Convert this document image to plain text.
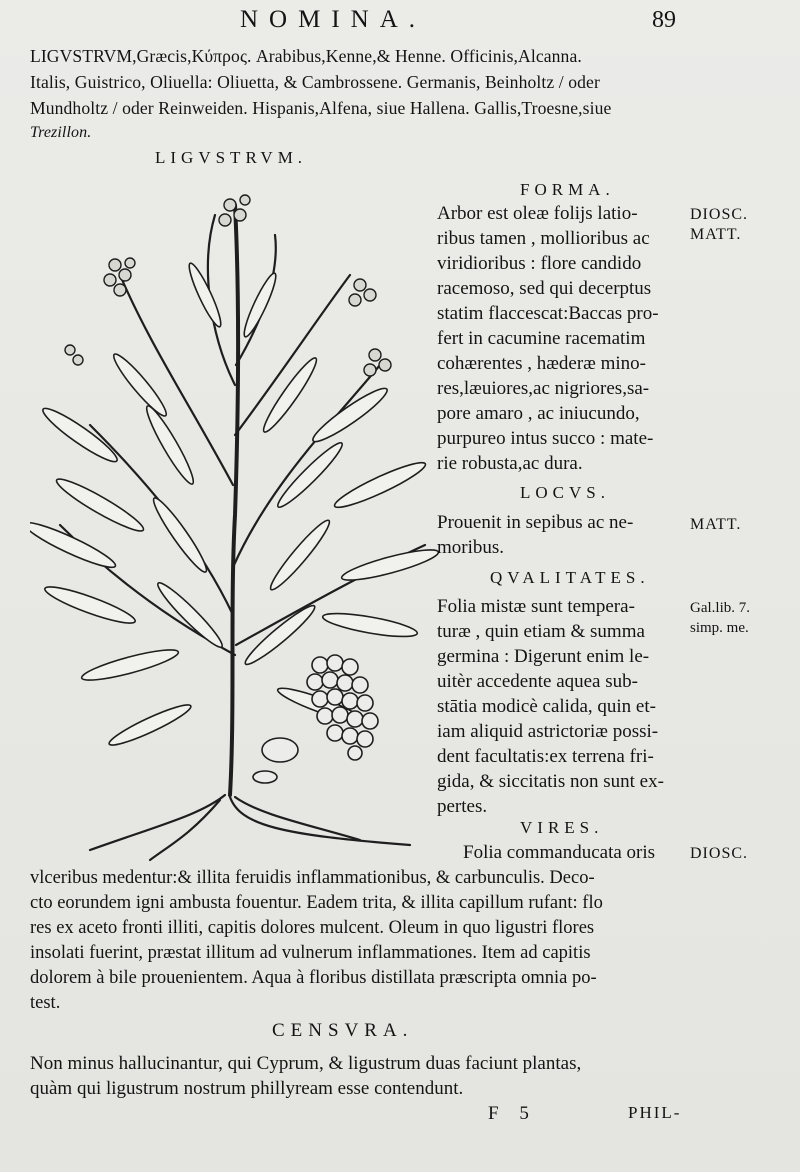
NOMINA.	89
LIGVSTRVM,Græcis,Κύπρος. Arabibus,Kenne,& Henne. Officinis,Alcanna.
Italis, Guistrico, Oliuella: Oliuetta, & Cambrossene. Germanis, Beinholtz / oder
Mundholtz / oder Reinweiden. Hispanis,Alfena, siue Hallena. Gallis,Troesne,siue
Trezillon.
LIGVSTRVM.
FORMA.
Arbor est oleæ folijs latio-
ribus tamen , mollioribus ac
viridioribus : flore candido
racemoso, sed qui decerptus
statim flaccescat:Baccas pro-
fert in cacumine racematim
cohærentes , hæderæ mino-
res,læuiores,ac nigriores,sa-
pore amaro , ac iniucundo,
purpureo intus succo : mate-
rie robusta,ac dura.
DIOSC.
MATT.
LOCVS.
Prouenit in sepibus ac ne-
moribus.
MATT.
QVALITATES.
Folia mistæ sunt tempera-
turæ , quin etiam & summa
germina : Digerunt enim le-
uitèr accedente aquea sub-
stātia modicè calida, quin et-
iam aliquid astrictoriæ possi-
dent facultatis:ex terrena fri-
gida, & siccitatis non sunt ex-
pertes.
Gal.lib. 7.
simp. me.
VIRES.
Folia commanducata oris DIOSC.
vlceribus medentur:& illita feruidis inflammationibus, & carbunculis. Deco-
cto eorundem igni ambusta fouentur. Eadem trita, & illita capillum rufant: flo
res ex aceto fronti illiti, capitis dolores mulcent. Oleum in quo ligustri flores
insolati fuerint, præstat illitum ad vulnerum inflammationes. Item ad capitis
dolorem à bile prouenientem. Aqua à floribus distillata præscripta omnia po-
test.
CENSVRA.
Non minus hallucinantur, qui Cyprum, & ligustrum duas faciunt plantas,
quàm qui ligustrum nostrum phillyream esse contendunt.
F 5	PHIL-
